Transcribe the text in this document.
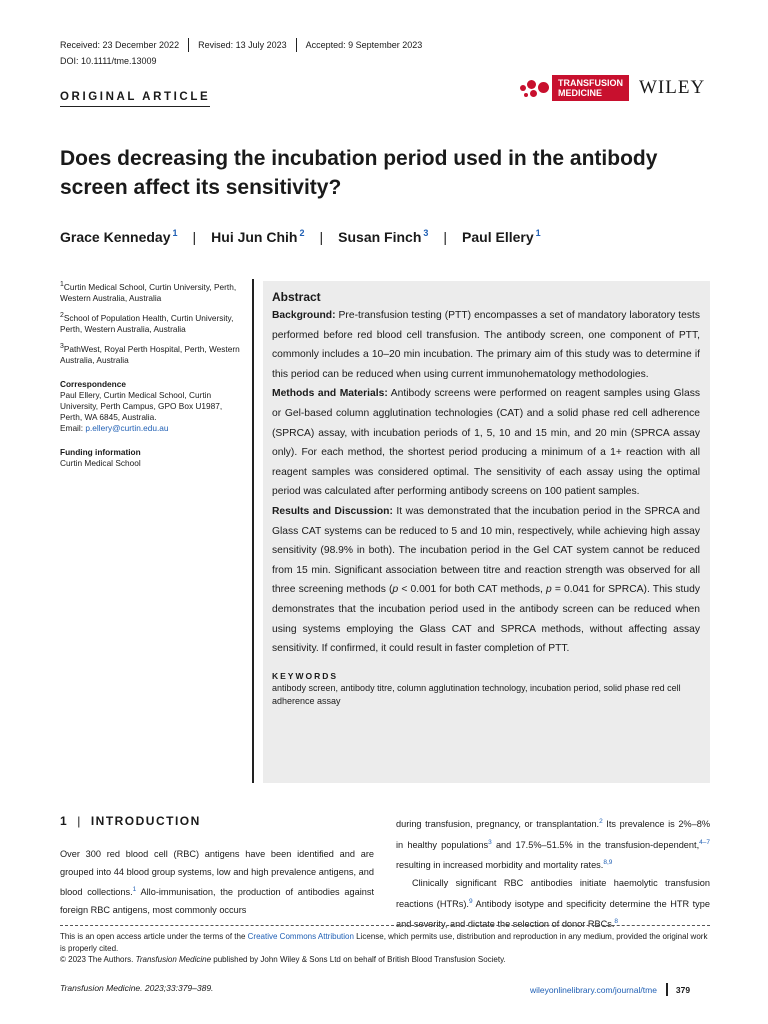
Received: 23 December 2022	Revised: 13 July 2023	Accepted: 9 September 2023
DOI: 10.1111/tme.13009
ORIGINAL ARTICLE
TRANSFUSION
MEDICINE	WILEY
Does decreasing the incubation period used in the antibody screen affect its sensitivity?
Grace Kenneday $^1$ | Hui Jun Chih $^2$ | Susan Finch $^3$ | Paul Ellery $^1$

$^1$Curtin Medical School, Curtin University, Perth, Western Australia, Australia

$^2$School of Population Health, Curtin University, Perth, Western Australia, Australia

$^3$PathWest, Royal Perth Hospital, Perth, Western Australia, Australia

Correspondence

Paul Ellery, Curtin Medical School, Curtin University, Perth Campus, GPO Box U1987, Perth, WA 6845, Australia.
Email: p.ellery@curtin.edu.au

Funding information

Curtin Medical School

Abstract

Background: Pre-transfusion testing (PTT) encompasses a set of mandatory laboratory tests performed before red blood cell transfusion. The antibody screen, one component of PTT, commonly includes a 10–20 min incubation. The primary aim of this study was to determine if this period can be reduced when using current immunohematology methodologies.

Methods and Materials: Antibody screens were performed on reagent samples using Glass or Gel-based column agglutination technologies (CAT) and a solid phase red cell adherence (SPRCA) assay, with incubation periods of 1, 5, 10 and 15 min, and 20 min (SPRCA assay only). For each method, the shortest period producing a minimum of a 1+ reaction with all reagent samples was considered optimal. The sensitivity of each assay using the optimal period was calculated after performing antibody screens on 100 patient samples.

Results and Discussion: It was demonstrated that the incubation period in the SPRCA and Glass CAT systems can be reduced to 5 and 10 min, respectively, while achieving high assay sensitivity (98.9% in both). The incubation period in the Gel CAT system cannot be reduced from 15 min. Significant association between titre and reaction strength was observed for all three screening methods (p < 0.001 for both CAT methods, p = 0.041 for SPRCA). This study demonstrates that the incubation period used in the antibody screen can be reduced when using systems employing the Glass CAT and SPRCA methods, without affecting assay sensitivity. If confirmed, it could result in faster completion of PTT.

KEYWORDS

antibody screen, antibody titre, column agglutination technology, incubation period, solid phase red cell adherence assay

1 | INTRODUCTION

Over 300 red blood cell (RBC) antigens have been identified and are grouped into 44 blood group systems, low and high prevalence antigens, and blood collections.$^1$ Allo-immunisation, the production of antibodies against foreign RBC antigens, most commonly occurs

during transfusion, pregnancy, or transplantation.$^2$ Its prevalence is 2%–8% in healthy populations$^3$ and 17.5%–51.5% in the transfusion-dependent,$^{4-7}$ resulting in increased morbidity and mortality rates.$^{8,9}$

Clinically significant RBC antibodies initiate haemolytic transfusion reactions (HTRs).$^9$ Antibody isotype and specificity determine the HTR type and severity, and dictate the selection of donor RBCs.$^8$

This is an open access article under the terms of the Creative Commons Attribution License, which permits use, distribution and reproduction in any medium, provided the original work is properly cited.

© 2023 The Authors. Transfusion Medicine published by John Wiley & Sons Ltd on behalf of British Blood Transfusion Society.

Transfusion Medicine. 2023;33:379–389.	wileyonlinelibrary.com/journal/tme 379
